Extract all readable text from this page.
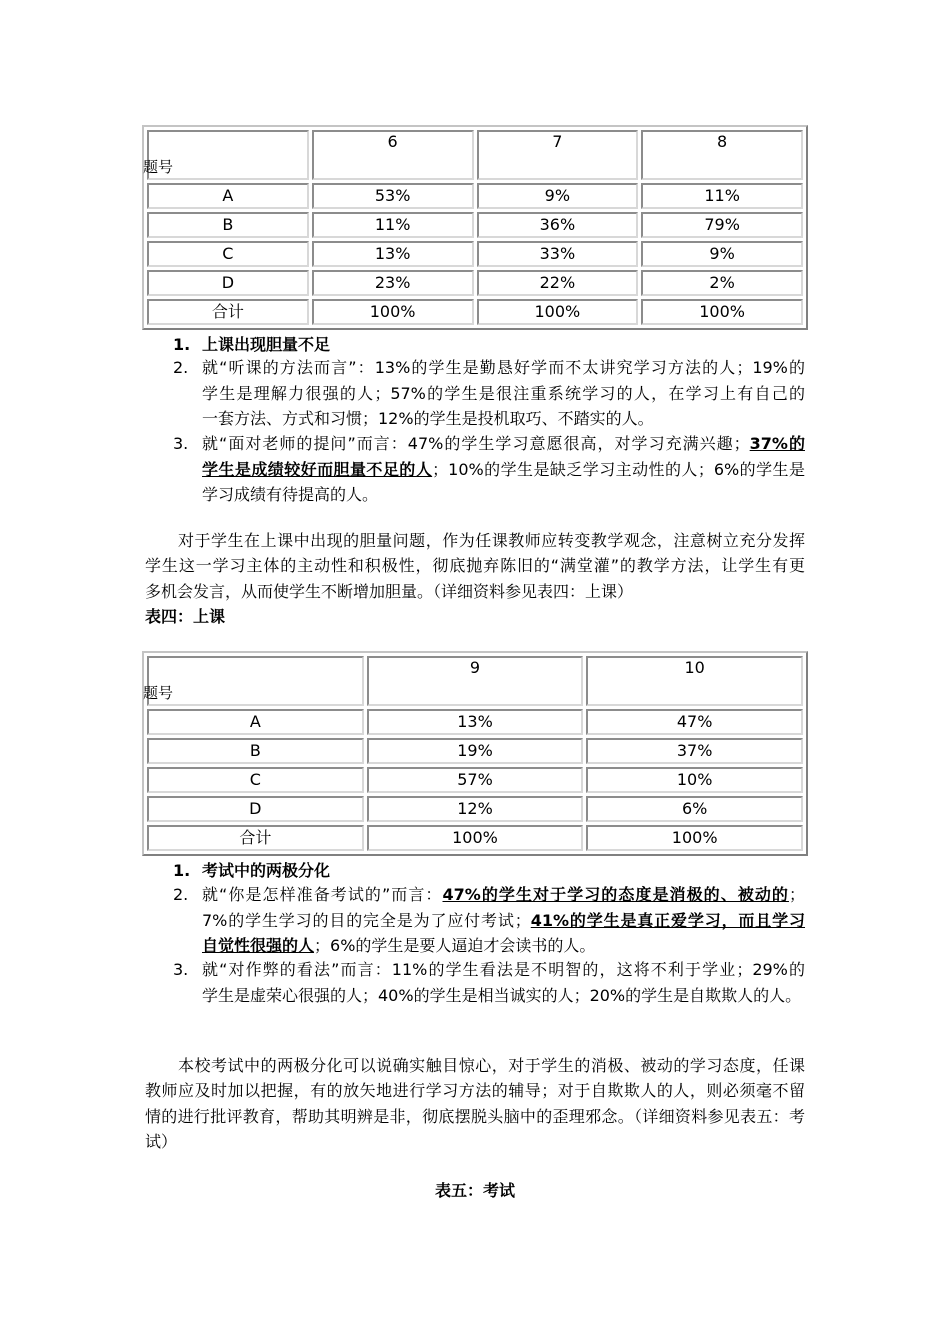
题号	6	7	8
A	53%	9%	11%
B	11%	36%	79%
C	13%	33%	9%
D	23%	22%	2%
合计	100%	100%	100%
1. 上课出现胆量不足
2. 就“听课的方法而言”：13%的学生是勤恳好学而不太讲究学习方法的人；19%的
学生是理解力很强的人；57%的学生是很注重系统学习的人，在学习上有自己的
一套方法、方式和习惯；12%的学生是投机取巧、不踏实的人。
3. 就“面对老师的提问”而言：47%的学生学习意愿很高，对学习充满兴趣；37%的
学生是成绩较好而胆量不足的人；10%的学生是缺乏学习主动性的人；6%的学生是
学习成绩有待提高的人。
对于学生在上课中出现的胆量问题，作为任课教师应转变教学观念，注意树立充分发挥
学生这一学习主体的主动性和积极性，彻底抛弃陈旧的“满堂灌”的教学方法，让学生有更
多机会发言，从而使学生不断增加胆量。（详细资料参见表四：上课）
表四：上课
题号	9	10
A	13%	47%
B	19%	37%
C	57%	10%
D	12%	6%
合计	100%	100%
1. 考试中的两极分化
2. 就“你是怎样准备考试的”而言：47%的学生对于学习的态度是消极的、被动的；
7%的学生学习的目的完全是为了应付考试；41%的学生是真正爱学习，而且学习
自觉性很强的人；6%的学生是要人逼迫才会读书的人。
3. 就“对作弊的看法”而言：11%的学生看法是不明智的，这将不利于学业；29%的
学生是虚荣心很强的人；40%的学生是相当诚实的人；20%的学生是自欺欺人的人。
本校考试中的两极分化可以说确实触目惊心，对于学生的消极、被动的学习态度，任课
教师应及时加以把握，有的放矢地进行学习方法的辅导；对于自欺欺人的人，则必须毫不留
情的进行批评教育，帮助其明辨是非，彻底摆脱头脑中的歪理邪念。（详细资料参见表五：考
试）
表五：考试
